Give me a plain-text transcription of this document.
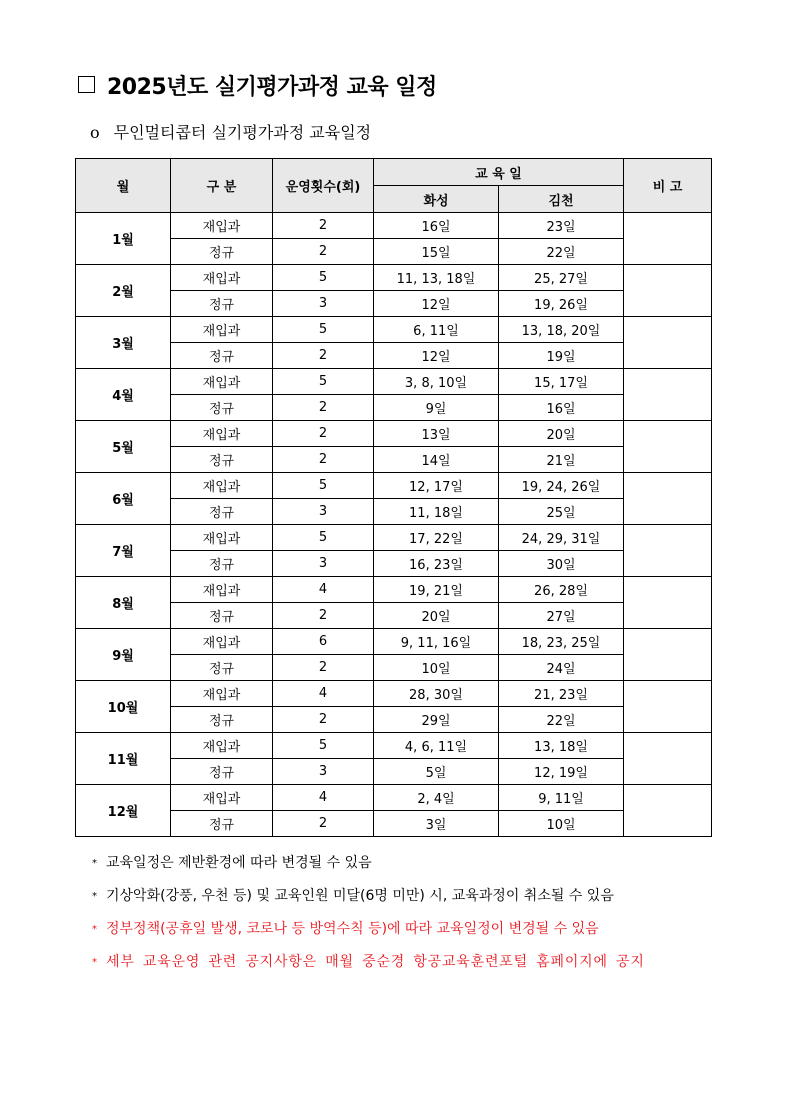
2025년도 실기평가과정 교육 일정
o 무인멀티콥터 실기평가과정 교육일정
월	구 분	운영횟수(회)	교 육 일		비 고
			화성	김천	
1월	재입과	2	16일	23일	
	정규	2	15일	22일	
2월	재입과	5	11, 13, 18일	25, 27일	
	정규	3	12일	19, 26일	
3월	재입과	5	6, 11일	13, 18, 20일	
	정규	2	12일	19일	
4월	재입과	5	3, 8, 10일	15, 17일	
	정규	2	9일	16일	
5월	재입과	2	13일	20일	
	정규	2	14일	21일	
6월	재입과	5	12, 17일	19, 24, 26일	
	정규	3	11, 18일	25일	
7월	재입과	5	17, 22일	24, 29, 31일	
	정규	3	16, 23일	30일	
8월	재입과	4	19, 21일	26, 28일	
	정규	2	20일	27일	
9월	재입과	6	9, 11, 16일	18, 23, 25일	
	정규	2	10일	24일	
10월	재입과	4	28, 30일	21, 23일	
	정규	2	29일	22일	
11월	재입과	5	4, 6, 11일	13, 18일	
	정규	3	5일	12, 19일	
12월	재입과	4	2, 4일	9, 11일	
	정규	2	3일	10일	
* 교육일정은 제반환경에 따라 변경될 수 있음
* 기상악화(강풍, 우천 등) 및 교육인원 미달(6명 미만) 시, 교육과정이 취소될 수 있음
* 정부정책(공휴일 발생, 코로나 등 방역수칙 등)에 따라 교육일정이 변경될 수 있음
* 세부 교육운영 관련 공지사항은 매월 중순경 항공교육훈련포털 홈페이지에 공지
